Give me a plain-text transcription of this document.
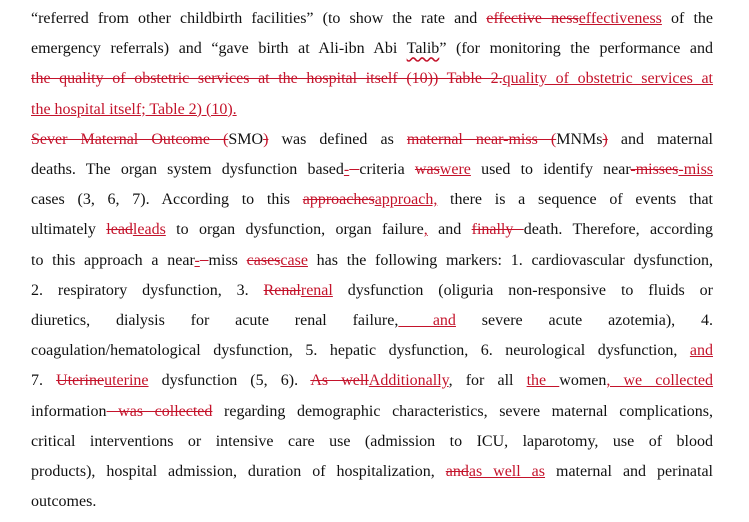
“referred from other childbirth facilities” (to show the rate and effective nesseffectiveness of the
emergency referrals) and “gave birth at Ali-ibn Abi Talib” (for monitoring the performance and
the quality of obstetric services at the hospital itself (10)) Table 2.quality of obstetric services at
the hospital itself; Table 2) (10).
Sever Maternal Outcome (SMO) was defined as maternal near-miss (MNMs) and maternal
deaths. The organ system dysfunction based- criteria waswere used to identify near-misses-miss
cases (3, 6, 7). According to this approachesapproach, there is a sequence of events that
ultimately leadleads to organ dysfunction, organ failure, and finally death. Therefore, according
to this approach a near- miss casescase has the following markers: 1. cardiovascular dysfunction,
2. respiratory dysfunction, 3. Renalrenal dysfunction (oliguria non-responsive to fluids or
diuretics,   dialysis   for   acute   renal   failure,    and   severe   acute   azotemia),   4.
coagulation/hematological dysfunction, 5. hepatic dysfunction, 6. neurological dysfunction, and
7. Uterineuterine dysfunction (5, 6). As wellAdditionally, for all the women, we collected
information was collected regarding demographic characteristics, severe maternal complications,
critical interventions or intensive care use (admission to ICU, laparotomy, use of blood
products), hospital admission, duration of hospitalization, andas well as maternal and perinatal
outcomes.
